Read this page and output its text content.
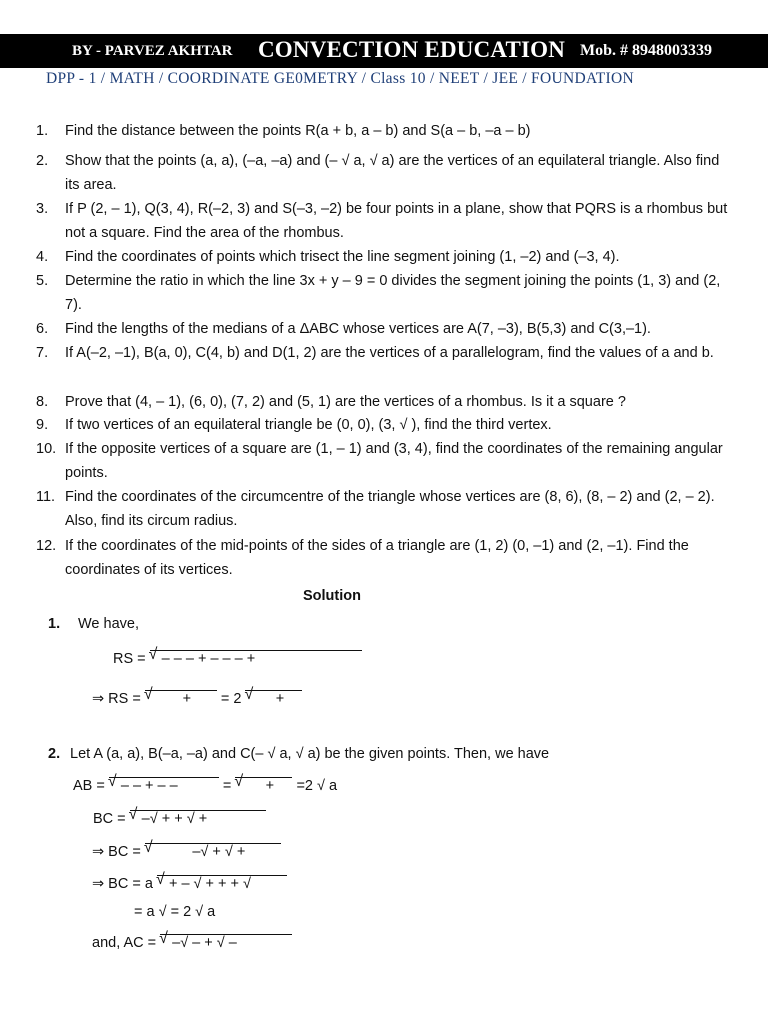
BY - PARVEZ AKHTAR CONVECTION EDUCATION Mob. # 8948003339
DPP - 1 / MATH / COORDINATE GE0METRY / Class 10 / NEET / JEE / FOUNDATION
1.	Find the distance between the points R(a + b, a – b) and S(a – b, –a – b)
2.	Show that the points (a, a), (–a, –a) and (– √ a, √ a) are the vertices of an equilateral triangle. Also find its area.
3.	If P (2, – 1), Q(3, 4), R(–2, 3) and S(–3, –2) be four points in a plane, show that PQRS is a rhombus but not a square. Find the area of the rhombus.
4.	Find the coordinates of points which trisect the line segment joining (1, –2) and (–3, 4).
5.	Determine the ratio in which the line 3x + y – 9 = 0 divides the segment joining the points (1, 3) and (2, 7).
6.	Find the lengths of the medians of a ΔABC whose vertices are A(7, –3), B(5,3) and C(3,–1).
7.	If A(–2, –1), B(a, 0), C(4, b) and D(1, 2) are the vertices of a parallelogram, find the values of a and b.
8.	Prove that (4, – 1), (6, 0), (7, 2) and (5, 1) are the vertices of a rhombus. Is it a square ?
9.	If two vertices of an equilateral triangle be (0, 0), (3, √ ), find the third vertex.
10. If the opposite vertices of a square are (1, – 1) and (3, 4), find the coordinates of the remaining angular points.
11. Find the coordinates of the circumcentre of the triangle whose vertices are (8, 6), (8, – 2) and (2, – 2). Also, find its circum radius.
12. If the coordinates of the mid-points of the sides of a triangle are (1, 2) (0, –1) and (2, –1). Find the coordinates of its vertices.
Solution
1. We have,
RS = √ – – – + – – – +
⇒ RS =	√ + = 2 √ +
2. Let A (a, a), B(–a, –a) and C(– √ a, √ a) be the given points. Then, we have
AB = √ – – + – –	= √ + =2 √ a
BC = √ –√ + + √ +
⇒ BC =	√ –√ + √ +
⇒ BC = a √ + – √ + + + √
= a √ = 2 √ a
and, AC = √ –√ – + √ –
